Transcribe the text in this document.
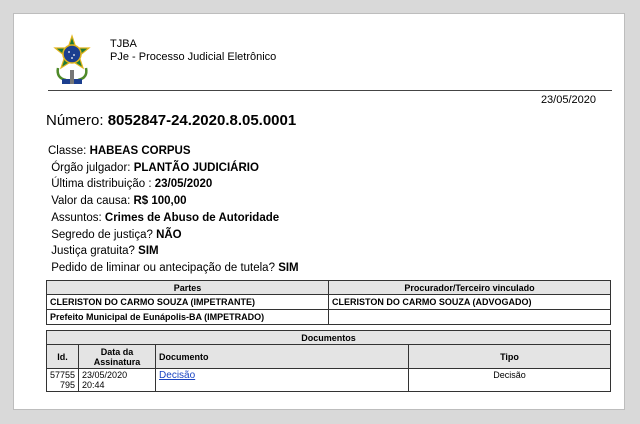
TJBA
PJe - Processo Judicial Eletrônico
23/05/2020
Número: 8052847-24.2020.8.05.0001
Classe: HABEAS CORPUS
Órgão julgador: PLANTÃO JUDICIÁRIO
Última distribuição : 23/05/2020
Valor da causa: R$ 100,00
Assuntos: Crimes de Abuso de Autoridade
Segredo de justiça? NÃO
Justiça gratuita? SIM
Pedido de liminar ou antecipação de tutela? SIM
Partes	Procurador/Terceiro vinculado
CLERISTON DO CARMO SOUZA (IMPETRANTE)	CLERISTON DO CARMO SOUZA (ADVOGADO)
Prefeito Municipal de Eunápolis-BA (IMPETRADO)	
Documentos			
Id.	Data da Assinatura	Documento	Tipo
57755 795	23/05/2020 20:44	Decisão	Decisão
